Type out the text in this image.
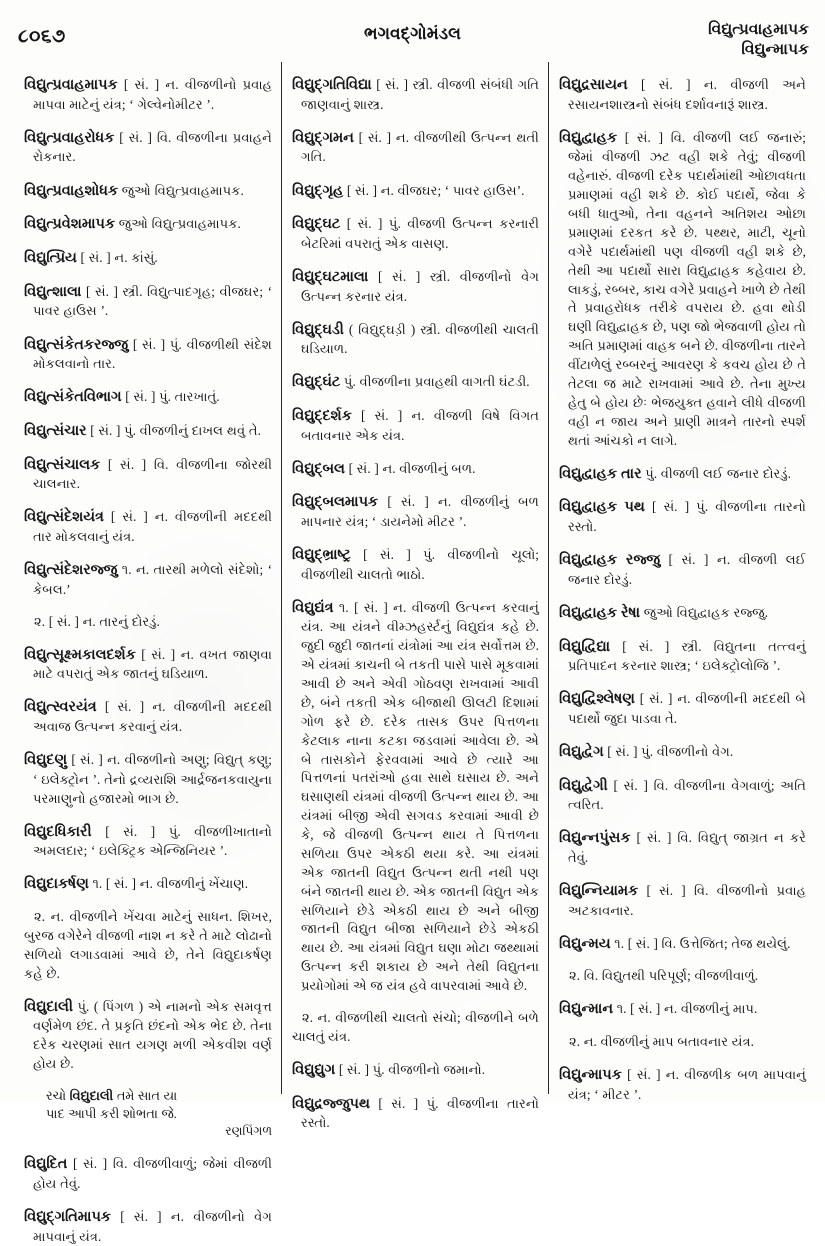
૮૦૬૭	ભગવદ્ગોમંડલ	વિદ્યુત્પ્રવાહમાપક
વિદ્યુન્માપક

વિદ્યુત્પ્રવાહમાપક [ સં. ] ન. વીજળીનો પ્રવાહ માપવા માટેનું યંત્ર; ‘ ગેલ્વેનોમીટર ’.

વિદ્યુત્પ્રવાહરોધક [ સં. ] વિ. વીજળીના પ્રવાહને રોકનાર.

વિદ્યુત્પ્રવાહશોધક જુઓ વિદ્યુત્પ્રવાહમાપક.

વિદ્યુત્પ્રવેશમાપક જુઓ વિદ્યુત્પ્રવાહમાપક.

વિદ્યુત્પ્રિય [ સં. ] ન. કાંસું.

વિદ્યુત્શાલા [ સં. ] સ્ત્રી. વિદ્યુત્પાદગૃહ; વીજઘર; ‘ પાવર હાઉસ ’.

વિદ્યુત્સંકેતકરજ્જુ [ સં. ] પું. વીજળીથી સંદેશ મોકલવાનો તાર.

વિદ્યુત્સંકેતવિભાગ [ સં. ] પું. તારખાતું.

વિદ્યુત્સંચાર [ સં. ] પું. વીજળીનું દાખલ થવું તે.

વિદ્યુત્સંચાલક [ સં. ] વિ. વીજળીના જોરથી ચાલનાર.

વિદ્યુત્સંદેશયંત્ર [ સં. ] ન. વીજળીની મદદથી તાર મોકલવાનું યંત્ર.

વિદ્યુત્સંદેશરજ્જુ ૧. ન. તારથી મળેલો સંદેશો; ‘ કેબલ.’

૨. [ સં. ] ન. તારનું દોરડું.

વિદ્યુત્સૂક્ષ્મકાલદર્શક [ સં. ] ન. વખત જાણવા માટે વપરાતું એક જાતનું ઘડિયાળ.

વિદ્યુત્સ્વરયંત્ર [ સં. ] ન. વીજળીની મદદથી અવાજ ઉત્પન્ન કરવાનું યંત્ર.

વિદ્યુદણુ [ સં. ] ન. વીજળીનો અણુ; વિદ્યુત્ કણુ; ‘ ઇલેક્ટ્રોન ’. તેનો દ્રવ્યરાશિ આર્દ્રજનકવાયુના પરમાણુનો હજારમો ભાગ છે.

વિદ્યુદધિકારી [ સં. ] પું. વીજળીખાતાનો અમલદાર; ‘ ઇલેક્ટ્રિક એન્જિનિયર ’.

વિદ્યુદાકર્ષણ ૧. [ સં. ] ન. વીજળીનું ખેંચાણ.

૨. ન. વીજળીને ખેંચવા માટેનું સાધન. શિખર, બુરજ વગેરેને વીજળી નાશ ન કરે તે માટે લોઢાનો સળિયો લગાડવામાં આવે છે, તેને વિદ્યુદાકર્ષણ કહે છે.

વિદ્યુદાલી પું. ( પિંગળ ) એ નામનો એક સમવૃત્ત વર્ણમેળ છંદ. તે પ્રકૃતિ છંદનો એક ભેદ છે. તેના દરેક ચરણમાં સાત યગણ મળી એકવીશ વર્ણ હોય છે.

રચો વિદ્યુદાલી તમે સાત યા
પાદ આપી કરી શોભતા જે.
રણપિંગળ

વિદ્યુદિત [ સં. ] વિ. વીજળીવાળું; જેમાં વીજળી હોય તેવું.

વિદ્યુદ્ગતિમાપક [ સં. ] ન. વીજળીનો વેગ માપવાનું યંત્ર.

વિદ્યુદ્ગતિવિદ્યા [ સં. ] સ્ત્રી. વીજળી સંબંધી ગતિ જાણવાનું શાસ્ત્ર.

વિદ્યુદ્ગમન [ સં. ] ન. વીજળીથી ઉત્પન્ન થતી ગતિ.

વિદ્યુદ્ગૃહ [ સં. ] ન. વીજઘર; ‘ પાવર હાઉસ’.

વિદ્યુદ્ઘટ [ સં. ] પું. વીજળી ઉત્પન્ન કરનારી બેટરિમાં વપરાતું એક વાસણ.

વિદ્યુદ્ઘટમાલા [ સં. ] સ્ત્રી. વીજળીનો વેગ ઉત્પન્ન કરનાર યંત્ર.

વિદ્યુદ્ઘડી ( વિદ્યુદ્ઘડ઼ી ) સ્ત્રી. વીજળીથી ચાલતી ઘડિયાળ.

વિદ્યુદ્ઘંટ પું. વીજળીના પ્રવાહથી વાગતી ઘંટડી.

વિદ્યુદ્દર્શક [ સં. ] ન. વીજળી વિષે વિગત બતાવનાર એક યંત્ર.

વિદ્યુદ્બલ [ સં. ] ન. વીજળીનું બળ.

વિદ્યુદ્બલમાપક [ સં. ] ન. વીજળીનું બળ માપનાર યંત્ર; ‘ ડાયનેમો મીટર ’.

વિદ્યુદ્ભ્રાષ્ટ્ર [ સં. ] પું. વીજળીનો ચૂલો; વીજળીથી ચાલતો ભાઠો.

વિદ્યુદ્યંત્ર ૧. [ સં. ] ન. વીજળી ઉત્પન્ન કરવાનું યંત્ર. આ યંત્રને વીમ્ઝહર્સ્ટનું વિદ્યુદ્યંત્ર કહે છે. જુદી જુદી જાતનાં યંત્રોમાં આ યંત્ર સર્વોત્તમ છે. એ યંત્રમાં કાચની બે તકતી પાસે પાસે મૂકવામાં આવી છે અને એવી ગોઠવણ રાખવામાં આવી છે, બંને તકતી એક બીજાથી ઊલટી દિશામાં ગોળ ફરે છે. દરેક તાસક ઉપર પિત્તળના કેટલાક નાના કટકા જડવામાં આવેલા છે. એ બે તાસકોને ફેરવવામાં આવે છે ત્યારે આ પિત્તળનાં પતરાંઓ હવા સાથે ઘસાય છે. અને ઘસાણથી યંત્રમાં વીજળી ઉત્પન્ન થાય છે. આ યંત્રમાં બીજી એવી સગવડ કરવામાં આવી છે કે, જે વીજળી ઉત્પન્ન થાય તે પિત્તળના સળિયા ઉપર એકઠી થયા કરે. આ યંત્રમાં એક જાતની વિદ્યુત ઉત્પન્ન થતી નથી પણ બંને જાતની થાય છે. એક જાતની વિદ્યુત એક સળિયાને છેડે એકઠી થાય છે અને બીજી જાતની વિદ્યુત બીજા સળિયાને છેડે એકઠી થાય છે. આ યંત્રમાં વિદ્યુત ઘણા મોટા જથ્થામાં ઉત્પન્ન કરી શકાય છે અને તેથી વિદ્યુતના પ્રયોગોમાં એ જ યંત્ર હવે વાપરવામાં આવે છે.

૨. ન. વીજળીથી ચાલતો સંચો; વીજળીને બળે ચાલતું યંત્ર.

વિદ્યુદ્યુગ [ સં. ] પું. વીજળીનો જમાનો.

વિદ્યુદ્રજ્જુપથ [ સં. ] પું. વીજળીના તારનો રસ્તો.

વિદ્યુદ્રસાયન [ સં. ] ન. વીજળી અને રસાયનશાસ્ત્રનો સંબંધ દર્શાવનારૂં શાસ્ત્ર.

વિદ્યુદ્વાહક [ સં. ] વિ. વીજળી લઈ જનારું; જેમાં વીજળી ઝટ વહી શકે તેવું; વીજળી વહેનારું. વીજળી દરેક પદાર્થમાંથી ઓછાવધતા પ્રમાણમાં વહી શકે છે. કોઈ પદાર્થે, જેવા કે બધી ધાતુઓ, તેના વહનને અતિશય ઓછા પ્રમાણમાં દરકત કરે છે. પથ્થર, માટી, ચૂનો વગેરે પદાર્થમાંથી પણ વીજળી વહી શકે છે, તેથી આ પદાર્થો સારા વિદ્યુદ્વાહક કહેવાય છે. લાકડું, રબ્બર, કાચ વગેરે પ્રવાહને ખાળે છે તેથી તે પ્રવાહરોધક તરીકે વપરાય છે. હવા થોડી ઘણી વિદ્યુદ્વાહક છે, પણ જો ભેજવાળી હોય તો અતિ પ્રમાણમાં વાહક બને છે. વીજળીના તારને વીંટાળેલું રબ્બરનું આવરણ કે કવચ હોય છે તે તેટલા જ માટે રાખવામાં આવે છે. તેના મુખ્ય હેતુ બે હોય છેઃ ભેજયુક્ત હવાને લીધે વીજળી વહી ન જાય અને પ્રાણી માત્રને તારનો સ્પર્શ થતાં આંચકો ન લાગે.

વિદ્યુદ્વાહક તાર પું. વીજળી લઈ જનાર દોરડું.

વિદ્યુદ્વાહક પથ [ સં. ] પું. વીજળીના તારનો રસ્તો.

વિદ્યુદ્વાહક રજ્જુ [ સં. ] ન. વીજળી લઈ જનાર દોરડું.

વિદ્યુદ્વાહક રેષા જુઓ વિદ્યુદ્વાહક રજ્જુ.

વિદ્યુદ્વિદ્યા [ સં. ] સ્ત્રી. વિદ્યુતના તત્ત્વનું પ્રતિપાદન કરનાર શાસ્ત્ર; ‘ ઇલેક્ટ્રોલોજિ ’.

વિદ્યુદ્વિશ્લેષણ [ સં. ] ન. વીજળીની મદદથી બે પદાર્થો જુદા પાડવા તે.

વિદ્યુદ્વેગ [ સં. ] પું. વીજળીનો વેગ.

વિદ્યુદ્વેગી [ સં. ] વિ. વીજળીના વેગવાળું; અતિ ત્વરિત.

વિદ્યુન્નપુંસક [ સં. ] વિ. વિદ્યુત્ જાગ્રત ન કરે તેવું.

વિદ્યુન્નિયામક [ સં. ] વિ. વીજળીનો પ્રવાહ અટકાવનાર.

વિદ્યુન્મય ૧. [ સં. ] વિ. ઉત્તેજિત; તેજ થયેલું.

૨. વિ. વિદ્યુતથી પરિપૂર્ણ; વીજળીવાળું.

વિદ્યુન્માન ૧. [ સં. ] ન. વીજળીનું માપ.

૨. ન. વીજળીનું માપ બતાવનાર યંત્ર.

વિદ્યુન્માપક [ સં. ] ન. વીજળીક બળ માપવાનું યંત્ર; ‘ મીટર ’.
